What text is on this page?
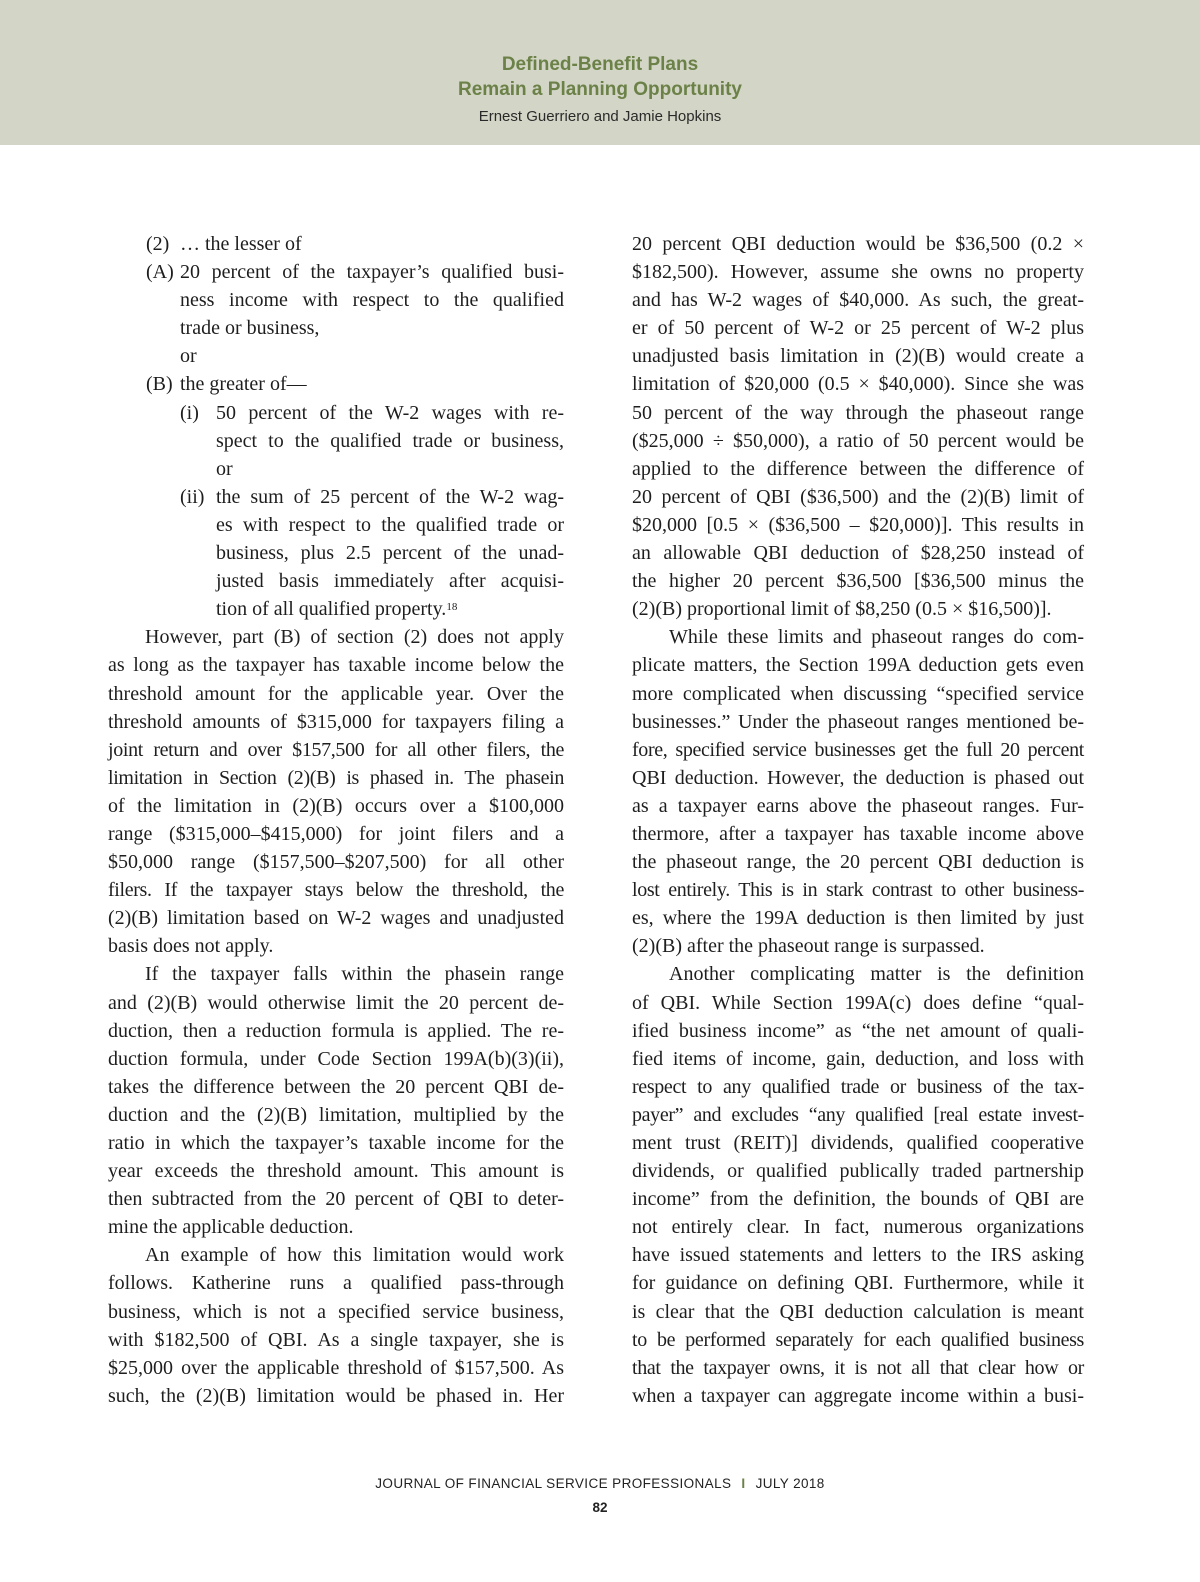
Defined-Benefit Plans
Remain a Planning Opportunity
Ernest Guerriero and Jamie Hopkins
(2) … the lesser of
(A) 20 percent of the taxpayer’s qualified busi-
ness income with respect to the qualified
trade or business,
or
(B) the greater of—
(i) 50 percent of the W-2 wages with re-
spect to the qualified trade or business,
or
(ii) the sum of 25 percent of the W-2 wag-
es with respect to the qualified trade or
business, plus 2.5 percent of the unad-
justed basis immediately after acquisi-
tion of all qualified property.$^{18}$
However, part (B) of section (2) does not apply
as long as the taxpayer has taxable income below the
threshold amount for the applicable year. Over the
threshold amounts of $315,000 for taxpayers filing a
joint return and over $157,500 for all other filers, the
limitation in Section (2)(B) is phased in. The phasein
of the limitation in (2)(B) occurs over a $100,000
range ($315,000–$415,000) for joint filers and a
$50,000 range ($157,500–$207,500) for all other
filers. If the taxpayer stays below the threshold, the
(2)(B) limitation based on W-2 wages and unadjusted
basis does not apply.
If the taxpayer falls within the phasein range
and (2)(B) would otherwise limit the 20 percent de-
duction, then a reduction formula is applied. The re-
duction formula, under Code Section 199A(b)(3)(ii),
takes the difference between the 20 percent QBI de-
duction and the (2)(B) limitation, multiplied by the
ratio in which the taxpayer’s taxable income for the
year exceeds the threshold amount. This amount is
then subtracted from the 20 percent of QBI to deter-
mine the applicable deduction.
An example of how this limitation would work
follows. Katherine runs a qualified pass-through
business, which is not a specified service business,
with $182,500 of QBI. As a single taxpayer, she is
$25,000 over the applicable threshold of $157,500. As
such, the (2)(B) limitation would be phased in. Her
20 percent QBI deduction would be $36,500 (0.2 ×
$182,500). However, assume she owns no property
and has W-2 wages of $40,000. As such, the great-
er of 50 percent of W-2 or 25 percent of W-2 plus
unadjusted basis limitation in (2)(B) would create a
limitation of $20,000 (0.5 × $40,000). Since she was
50 percent of the way through the phaseout range
($25,000 ÷ $50,000), a ratio of 50 percent would be
applied to the difference between the difference of
20 percent of QBI ($36,500) and the (2)(B) limit of
$20,000 [0.5 × ($36,500 – $20,000)]. This results in
an allowable QBI deduction of $28,250 instead of
the higher 20 percent $36,500 [$36,500 minus the
(2)(B) proportional limit of $8,250 (0.5 × $16,500)].
While these limits and phaseout ranges do com-
plicate matters, the Section 199A deduction gets even
more complicated when discussing “specified service
businesses.” Under the phaseout ranges mentioned be-
fore, specified service businesses get the full 20 percent
QBI deduction. However, the deduction is phased out
as a taxpayer earns above the phaseout ranges. Fur-
thermore, after a taxpayer has taxable income above
the phaseout range, the 20 percent QBI deduction is
lost entirely. This is in stark contrast to other business-
es, where the 199A deduction is then limited by just
(2)(B) after the phaseout range is surpassed.
Another complicating matter is the definition
of QBI. While Section 199A(c) does define “qual-
ified business income” as “the net amount of quali-
fied items of income, gain, deduction, and loss with
respect to any qualified trade or business of the tax-
payer” and excludes “any qualified [real estate invest-
ment trust (REIT)] dividends, qualified cooperative
dividends, or qualified publically traded partnership
income” from the definition, the bounds of QBI are
not entirely clear. In fact, numerous organizations
have issued statements and letters to the IRS asking
for guidance on defining QBI. Furthermore, while it
is clear that the QBI deduction calculation is meant
to be performed separately for each qualified business
that the taxpayer owns, it is not all that clear how or
when a taxpayer can aggregate income within a busi-
JOURNAL OF FINANCIAL SERVICE PROFESSIONALS I JULY 2018
82
